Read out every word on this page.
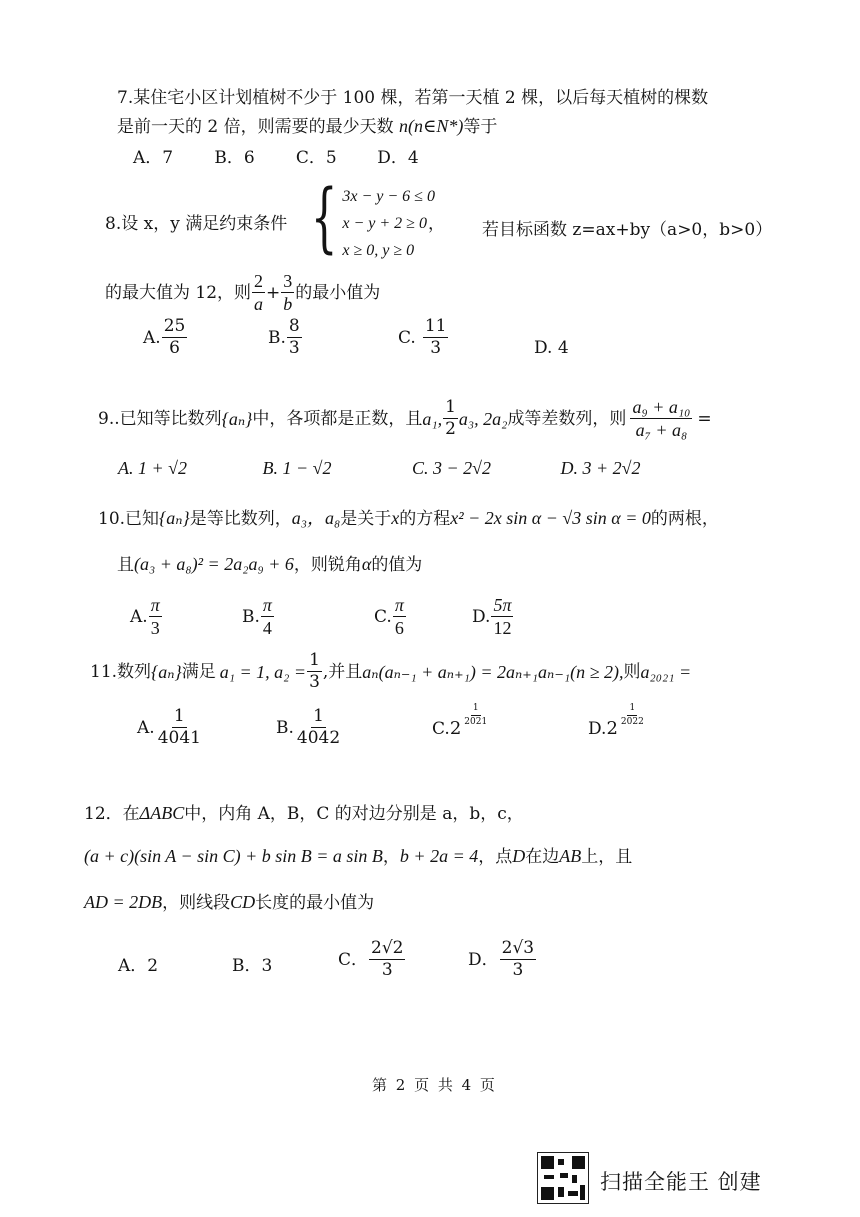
7.某住宅小区计划植树不少于 100 棵，若第一天植 2 棵，以后每天植树的棵数
是前一天的 2 倍，则需要的最少天数 n(n∈N*)等于
A．7 B．6 C．5 D．4
8.设 x，y 满足约束条件 { 3x − y − 6 ≤ 0
x − y + 2 ≥ 0
x ≥ 0, y ≥ 0
， 若目标函数 z=ax+by（a>0，b>0）
的最大值为 12，则 $\frac{2}{a} + \frac{3}{b}$ 的最小值为
A. $\frac{25}{6}$	B. $\frac{8}{3}$	C. $\frac{11}{3}$	D. 4
9..已知等比数列 {aₙ} 中，各项都是正数，且 a₁, $\frac{1}{2} a_3$, 2a₂ 成等差数列，则 $\frac{\text{a₉ + a₁₀}}{\text{a₇ + a₈}}$ =
A. 1 + √2	B. 1 − √2	C. 3 − 2√2	D. 3 + 2√2
10.已知{aₙ}是等比数列，a₃，a₈是关于x的方程x² − 2x sin α − √3 sin α = 0的两根，
且(a₃ + a₈)² = 2a₂a₉ + 6，则锐角α的值为
A. $\frac{\pi}{3}$	B. $\frac{\pi}{4}$	C. $\frac{\pi}{6}$	D. $\frac{5\pi}{12}$
11.数列 {aₙ} 满足 a₁ = 1, $a_2 = \frac{1}{3}$ ,并且 aₙ(aₙ₋₁ + aₙ₊₁) = 2aₙ₊₁aₙ₋₁(n ≥ 2), 则 a₂₀₂₁ =
A. $\frac{1}{4041}$	B. $\frac{1}{4042}$	C. 2
$\frac{1}{2021}$
D. 2
$\frac{1}{2022}$
12．在ΔABC中，内角 A，B，C 的对边分别是 a，b，c，
(a + c)(sin A − sin C) + b sin B = a sin B，b + 2a = 4，点D在边AB上，且
AD = 2DB，则线段CD长度的最小值为
A．2	B．3	C． $\frac{2√2}{3}$	D． $\frac{2√3}{3}$
第 2 页 共 4 页
扫描全能王 创建
